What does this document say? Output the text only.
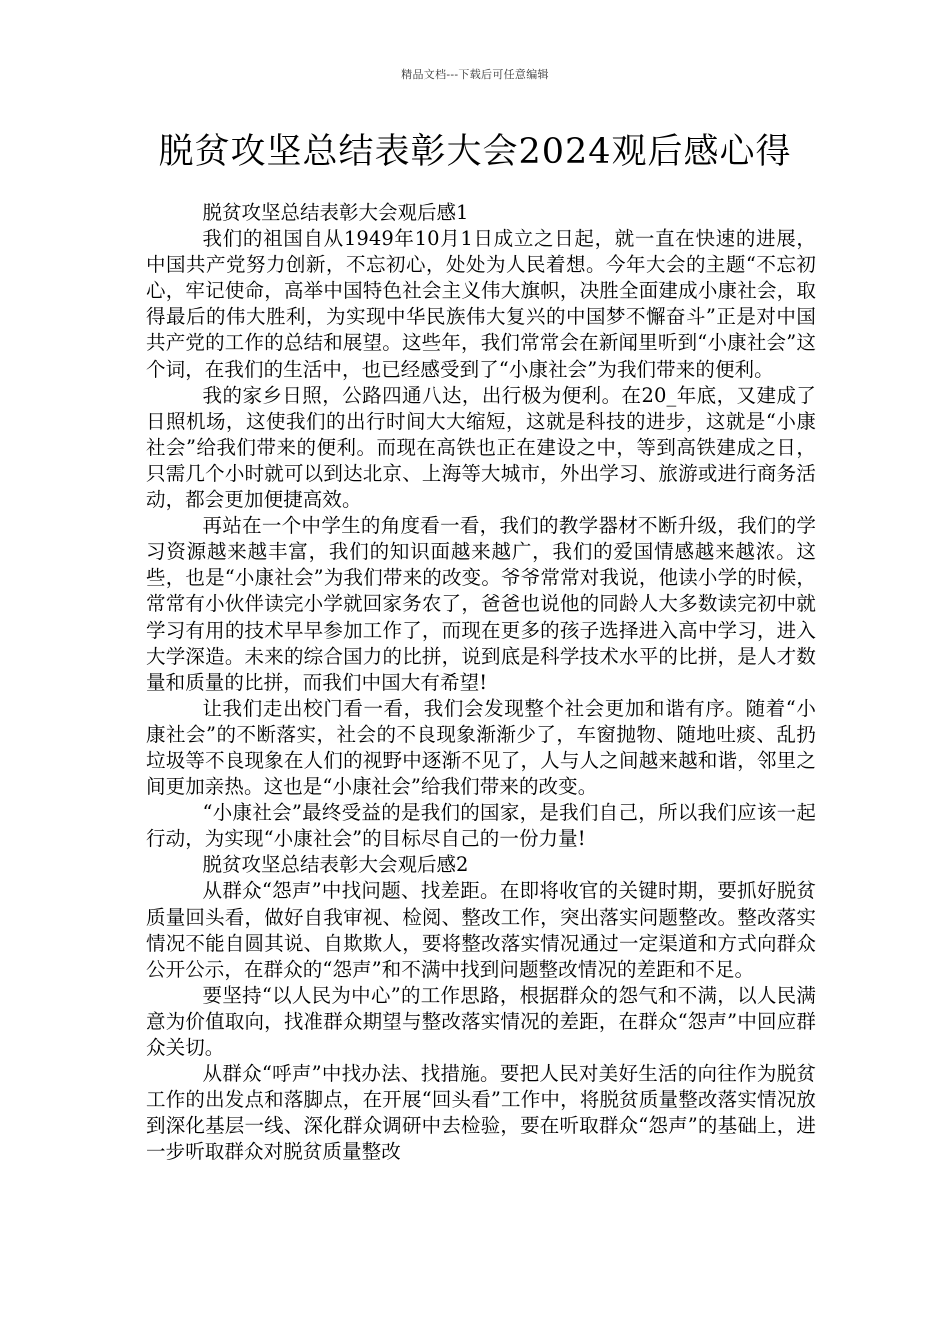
精品文档---下载后可任意编辑
脱贫攻坚总结表彰大会2024观后感心得

脱贫攻坚总结表彰大会观后感1

我们的祖国自从1949年10月1日成立之日起，就一直在快速的进展，中国共产党努力创新，不忘初心，处处为人民着想。今年大会的主题“不忘初心，牢记使命，高举中国特色社会主义伟大旗帜，决胜全面建成小康社会，取得最后的伟大胜利，为实现中华民族伟大复兴的中国梦不懈奋斗”正是对中国共产党的工作的总结和展望。这些年，我们常常会在新闻里听到“小康社会”这个词，在我们的生活中，也已经感受到了“小康社会”为我们带来的便利。

我的家乡日照，公路四通八达，出行极为便利。在20_年底，又建成了日照机场，这使我们的出行时间大大缩短，这就是科技的进步，这就是“小康社会”给我们带来的便利。而现在高铁也正在建设之中，等到高铁建成之日，只需几个小时就可以到达北京、上海等大城市，外出学习、旅游或进行商务活动，都会更加便捷高效。

再站在一个中学生的角度看一看，我们的教学器材不断升级，我们的学习资源越来越丰富，我们的知识面越来越广，我们的爱国情感越来越浓。这些，也是“小康社会”为我们带来的改变。爷爷常常对我说，他读小学的时候，常常有小伙伴读完小学就回家务农了，爸爸也说他的同龄人大多数读完初中就学习有用的技术早早参加工作了，而现在更多的孩子选择进入高中学习，进入大学深造。未来的综合国力的比拼，说到底是科学技术水平的比拼，是人才数量和质量的比拼，而我们中国大有希望!

让我们走出校门看一看，我们会发现整个社会更加和谐有序。随着“小康社会”的不断落实，社会的不良现象渐渐少了，车窗抛物、随地吐痰、乱扔垃圾等不良现象在人们的视野中逐渐不见了，人与人之间越来越和谐，邻里之间更加亲热。这也是“小康社会”给我们带来的改变。

“小康社会”最终受益的是我们的国家，是我们自己，所以我们应该一起行动，为实现“小康社会”的目标尽自己的一份力量!

脱贫攻坚总结表彰大会观后感2

从群众“怨声”中找问题、找差距。在即将收官的关键时期，要抓好脱贫质量回头看，做好自我审视、检阅、整改工作，突出落实问题整改。整改落实情况不能自圆其说、自欺欺人，要将整改落实情况通过一定渠道和方式向群众公开公示，在群众的“怨声”和不满中找到问题整改情况的差距和不足。

要坚持“以人民为中心”的工作思路，根据群众的怨气和不满，以人民满意为价值取向，找准群众期望与整改落实情况的差距，在群众“怨声”中回应群众关切。

从群众“呼声”中找办法、找措施。要把人民对美好生活的向往作为脱贫工作的出发点和落脚点，在开展“回头看”工作中，将脱贫质量整改落实情况放到深化基层一线、深化群众调研中去检验，要在听取群众“怨声”的基础上，进一步听取群众对脱贫质量整改
